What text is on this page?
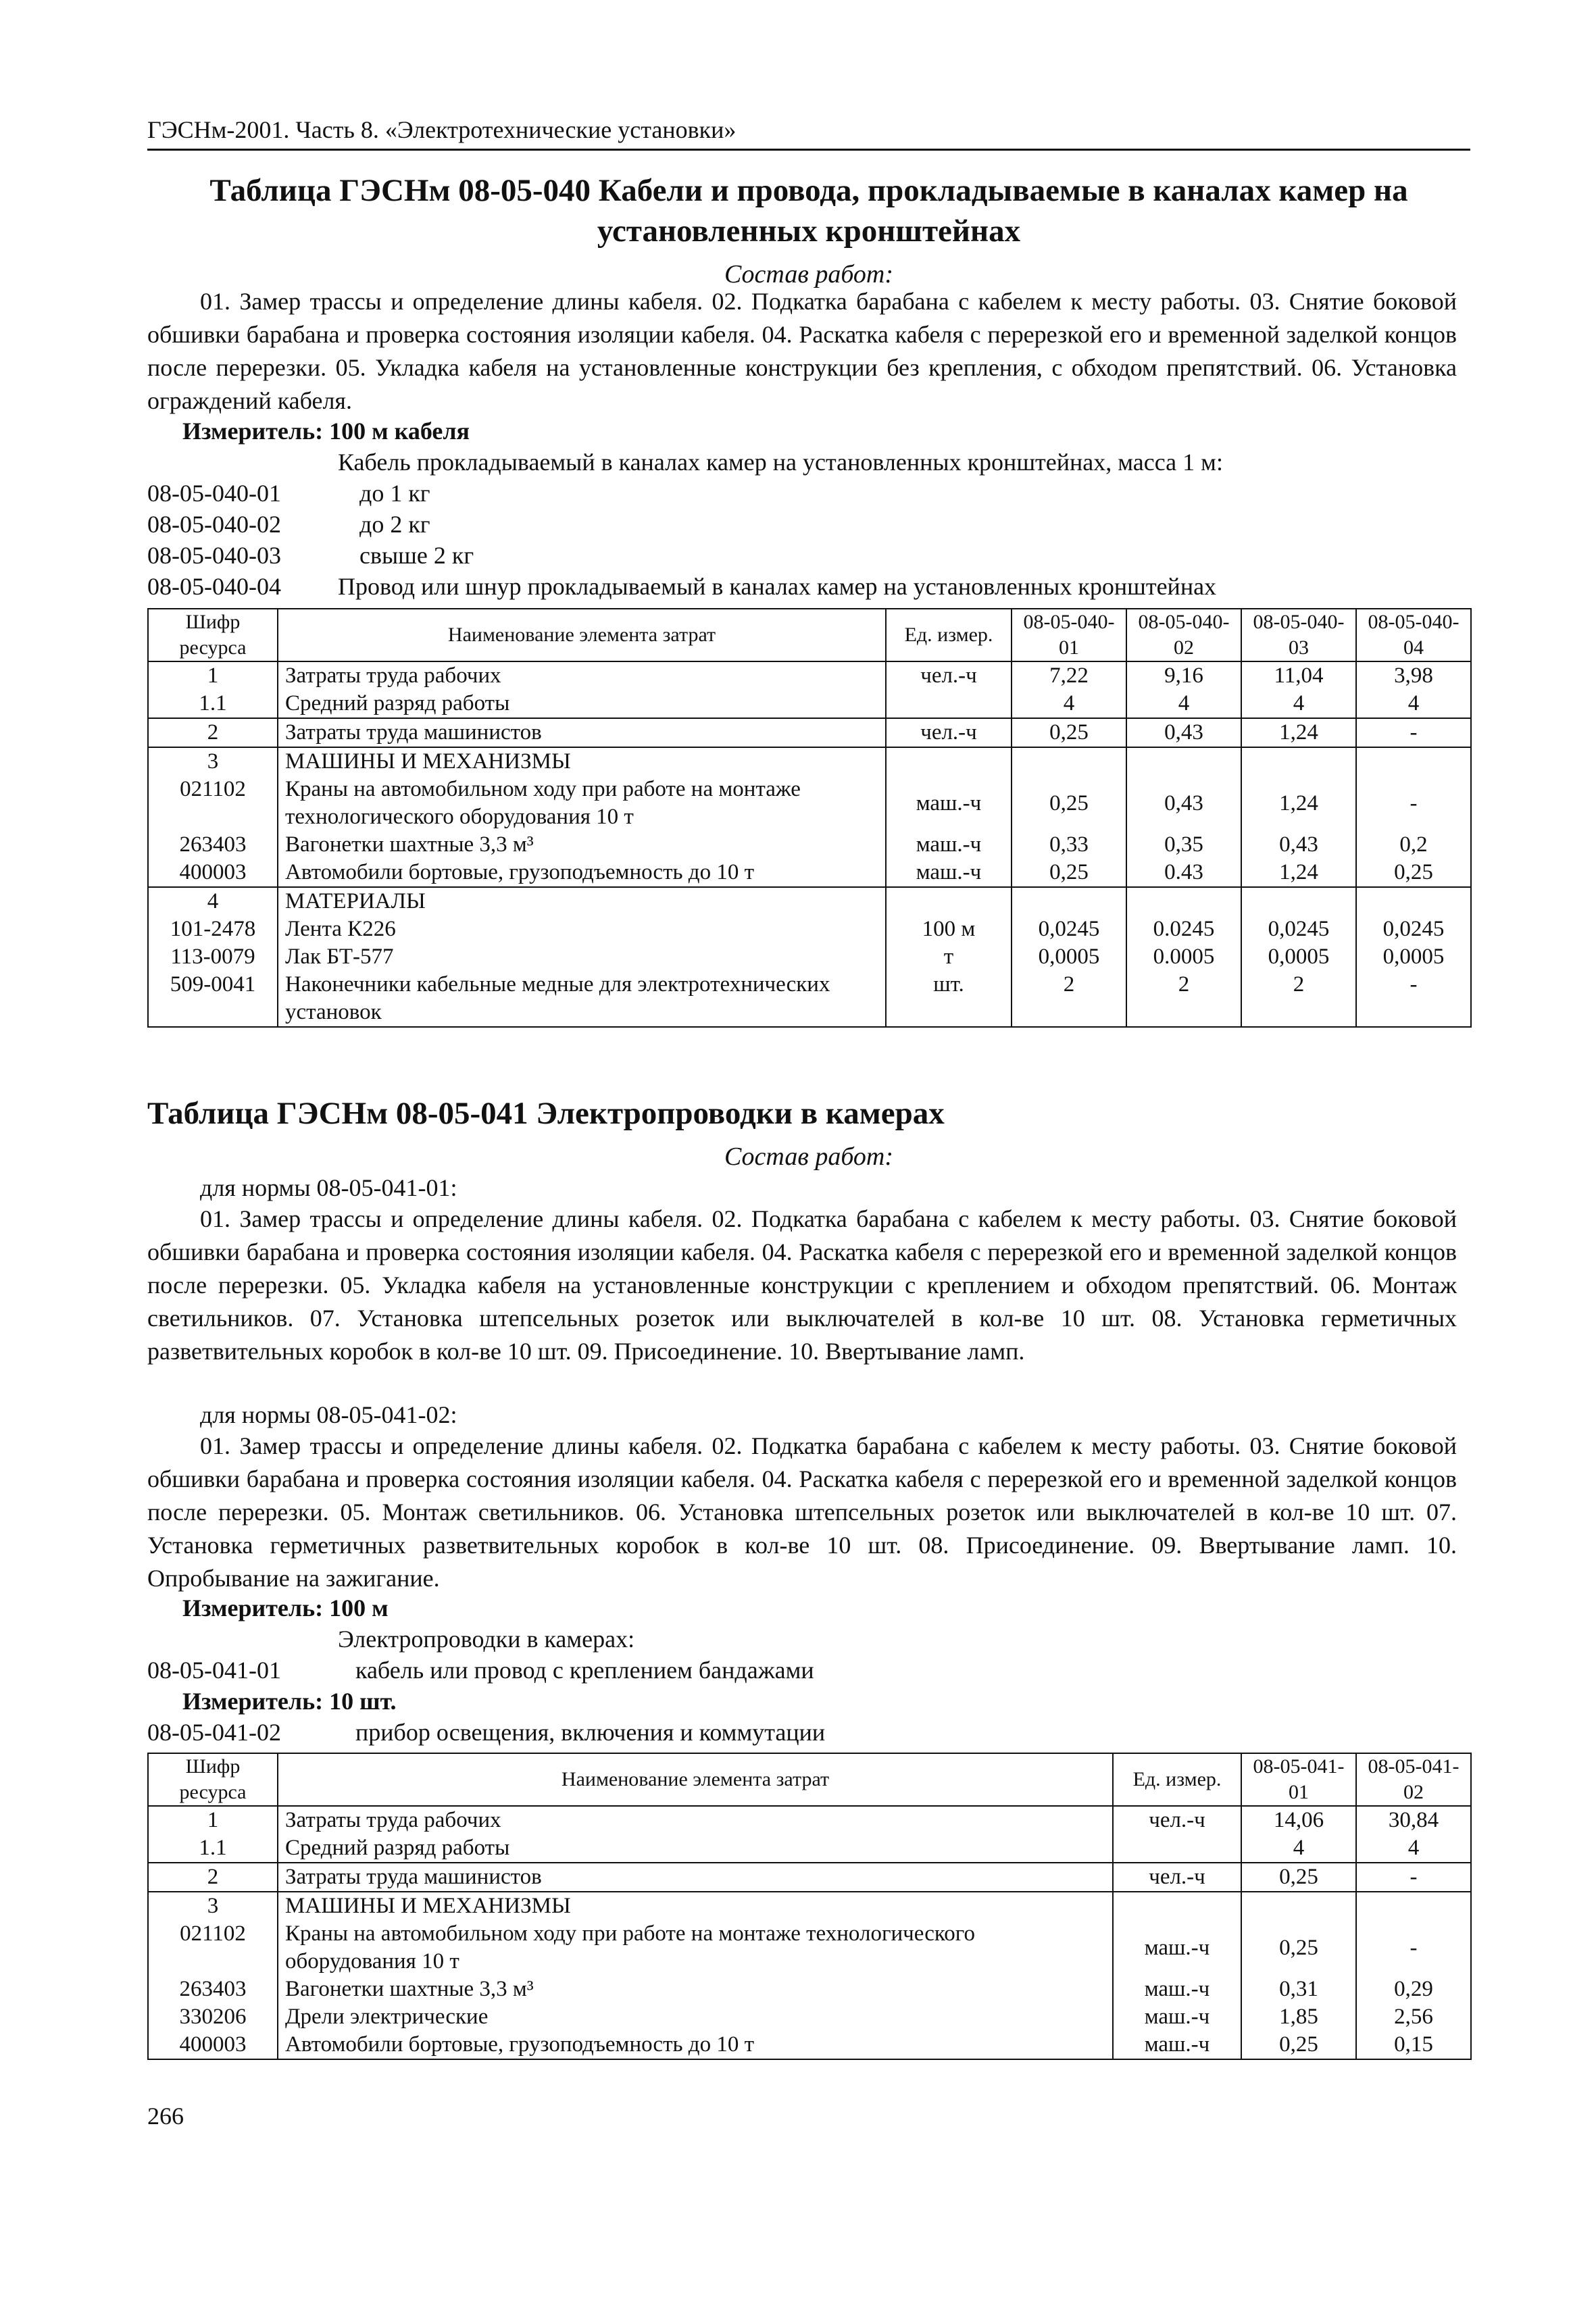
ГЭСНм-2001. Часть 8. «Электротехнические установки»
Таблица ГЭСНм 08-05-040 Кабели и провода, прокладываемые в каналах камер на
установленных кронштейнах
Состав работ:
01. Замер трассы и определение длины кабеля. 02. Подкатка барабана с кабелем к месту работы. 03. Снятие боковой обшивки барабана и проверка состояния изоляции кабеля. 04. Раскатка кабеля с перерезкой его и временной заделкой концов после перерезки. 05. Укладка кабеля на установленные конструкции без крепления, с обходом препятствий. 06. Установка ограждений кабеля.
Измеритель: 100 м кабеля
Кабель прокладываемый в каналах камер на установленных кронштейнах, масса 1 м:
08-05-040-01	до 1 кг
08-05-040-02	до 2 кг
08-05-040-03	свыше 2 кг
08-05-040-04 Провод или шнур прокладываемый в каналах камер на установленных кронштейнах
Шифр ресурса	Наименование элемента затрат	Ед. измер.	08-05-040-01	08-05-040-02	08-05-040-03	08-05-040-04
1	Затраты труда рабочих	чел.-ч	7,22	9,16	11,04	3,98
1.1	Средний разряд работы		4	4	4	4
2	Затраты труда машинистов	чел.-ч	0,25	0,43	1,24	-
3	МАШИНЫ И МЕХАНИЗМЫ					
021102	Краны на автомобильном ходу при работе на монтаже технологического оборудования 10 т	маш.-ч	0,25	0,43	1,24	-
263403	Вагонетки шахтные 3,3 м³	маш.-ч	0,33	0,35	0,43	0,2
400003	Автомобили бортовые, грузоподъемность до 10 т	маш.-ч	0,25	0.43	1,24	0,25
4	МАТЕРИАЛЫ					
101-2478	Лента К226	100 м	0,0245	0.0245	0,0245	0,0245
113-0079	Лак БТ-577	т	0,0005	0.0005	0,0005	0,0005
509-0041	Наконечники кабельные медные для электротехнических установок	шт.	2	2	2	-
Таблица ГЭСНм 08-05-041 Электропроводки в камерах
Состав работ:
для нормы 08-05-041-01:
01. Замер трассы и определение длины кабеля. 02. Подкатка барабана с кабелем к месту работы. 03. Снятие боковой обшивки барабана и проверка состояния изоляции кабеля. 04. Раскатка кабеля с перерезкой его и временной заделкой концов после перерезки. 05. Укладка кабеля на установленные конструкции с креплением и обходом препятствий. 06. Монтаж светильников. 07. Установка штепсельных розеток или выключателей в кол-ве 10 шт. 08. Установка герметичных разветвительных коробок в кол-ве 10 шт. 09. Присоединение. 10. Ввертывание ламп.
для нормы 08-05-041-02:
01. Замер трассы и определение длины кабеля. 02. Подкатка барабана с кабелем к месту работы. 03. Снятие боковой обшивки барабана и проверка состояния изоляции кабеля. 04. Раскатка кабеля с перерезкой его и временной заделкой концов после перерезки. 05. Монтаж светильников. 06. Установка штепсельных розеток или выключателей в кол-ве 10 шт. 07. Установка герметичных разветвительных коробок в кол-ве 10 шт. 08. Присоединение. 09. Ввертывание ламп. 10. Опробывание на зажигание.
Измеритель: 100 м
Электропроводки в камерах:
08-05-041-01	кабель или провод с креплением бандажами
Измеритель: 10 шт.
08-05-041-02	прибор освещения, включения и коммутации
Шифр ресурса	Наименование элемента затрат	Ед. измер.	08-05-041-01	08-05-041-02
1	Затраты труда рабочих	чел.-ч	14,06	30,84
1.1	Средний разряд работы		4	4
2	Затраты труда машинистов	чел.-ч	0,25	-
3	МАШИНЫ И МЕХАНИЗМЫ			
021102	Краны на автомобильном ходу при работе на монтаже технологического оборудования 10 т	маш.-ч	0,25	-
263403	Вагонетки шахтные 3,3 м³	маш.-ч	0,31	0,29
330206	Дрели электрические	маш.-ч	1,85	2,56
400003	Автомобили бортовые, грузоподъемность до 10 т	маш.-ч	0,25	0,15
266
